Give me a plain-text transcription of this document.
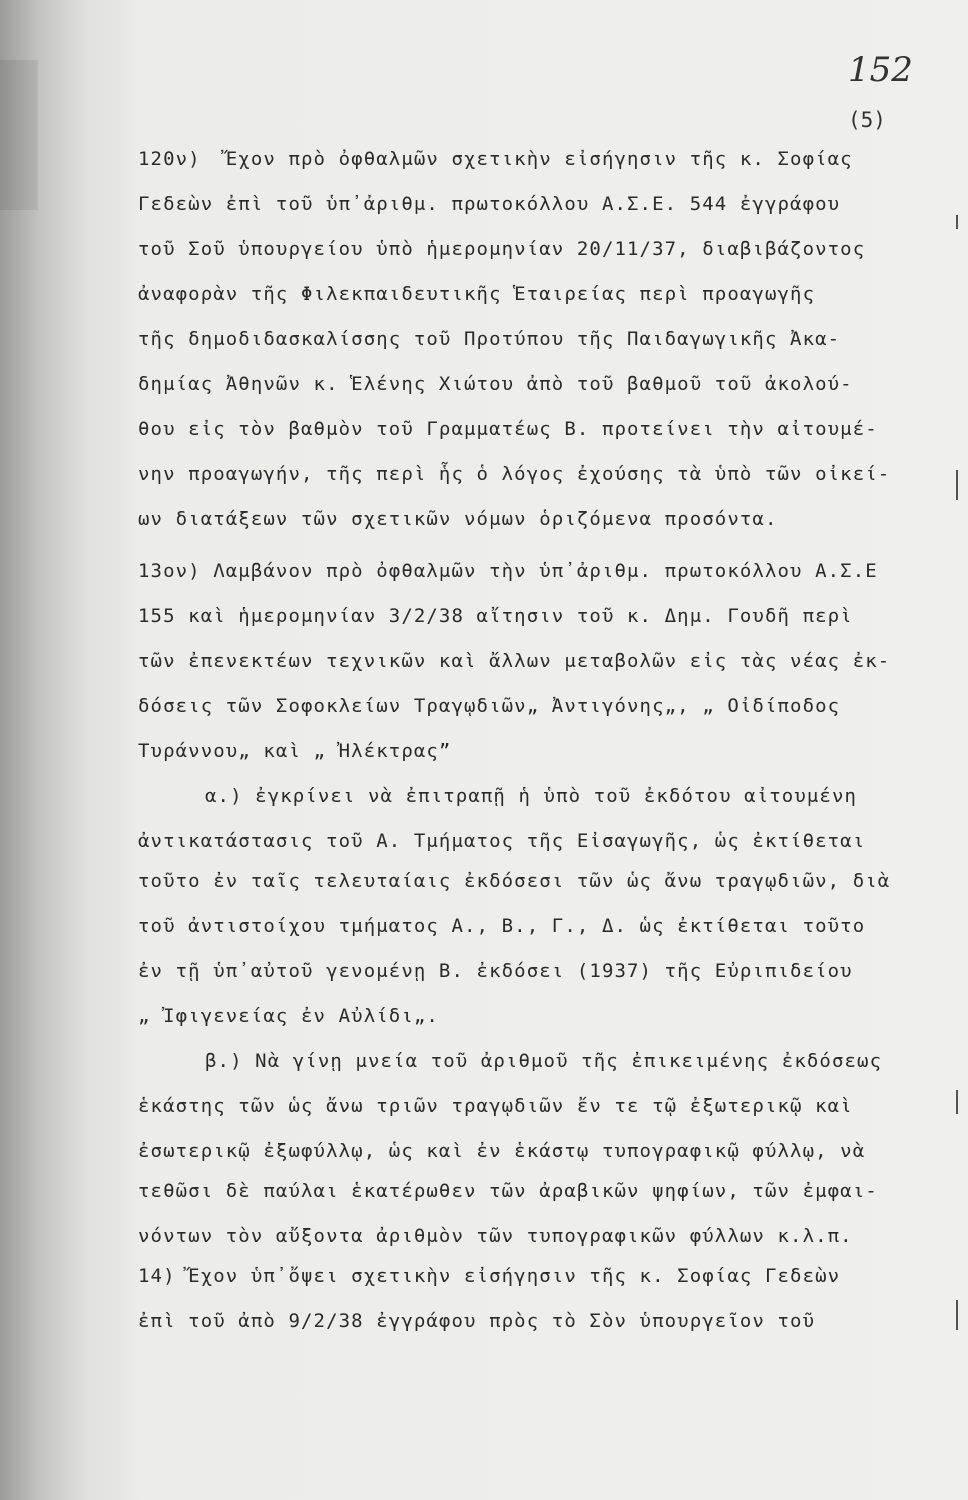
152
(5)
120ν)  Ἔχον πρὸ ὀφθαλμῶν σχετικὴν εἰσήγησιν τῆς κ. Σοφίας
Γεδεὼν ἐπὶ τοῦ ὑπ᾽ἀριθμ. πρωτοκόλλου Α.Σ.Ε. 544 ἐγγράφου
τοῦ Σοῦ ὑπουργείου ὑπὸ ἡμερομηνίαν 20/11/37, διαβιβάζοντος
ἀναφορὰν τῆς Φιλεκπαιδευτικῆς Ἑταιρείας περὶ προαγωγῆς
τῆς δημοδιδασκαλίσσης τοῦ Προτύπου τῆς Παιδαγωγικῆς Ἀκα-
δημίας Ἀθηνῶν κ. Ἑλένης Χιώτου ἀπὸ τοῦ βαθμοῦ τοῦ ἀκολού-
θου εἰς τὸν βαθμὸν τοῦ Γραμματέως Β. προτείνει τὴν αἰτουμέ-
νην προαγωγήν, τῆς περὶ ἧς ὁ λόγος ἐχούσης τὰ ὑπὸ τῶν οἰκεί-
ων διατάξεων τῶν σχετικῶν νόμων ὁριζόμενα προσόντα.
13ον) Λαμβάνον πρὸ ὀφθαλμῶν τὴν ὑπ᾽ἀριθμ. πρωτοκόλλου Α.Σ.Ε
155 καὶ ἡμερομηνίαν 3/2/38 αἴτησιν τοῦ κ. Δημ. Γουδῆ περὶ
τῶν ἐπενεκτέων τεχνικῶν καὶ ἄλλων μεταβολῶν εἰς τὰς νέας ἐκ-
δόσεις τῶν Σοφοκλείων Τραγῳδιῶν„ Ἀντιγόνης„, „ Οἰδίποδος
Τυράννου„ καὶ „ Ἠλέκτρας”
α.) ἐγκρίνει νὰ ἐπιτραπῇ ἡ ὑπὸ τοῦ ἐκδότου αἰτουμένη
ἀντικατάστασις τοῦ Α. Τμήματος τῆς Εἰσαγωγῆς, ὡς ἐκτίθεται
τοῦτο ἐν ταῖς τελευταίαις ἐκδόσεσι τῶν ὡς ἄνω τραγῳδιῶν, διὰ
τοῦ ἀντιστοίχου τμήματος Α., Β., Γ., Δ. ὡς ἐκτίθεται τοῦτο
ἐν τῇ ὑπ᾽αὐτοῦ γενομένῃ Β. ἐκδόσει (1937) τῆς Εὐριπιδείου
„ Ἰφιγενείας ἐν Αὐλίδι„.
β.) Νὰ γίνῃ μνεία τοῦ ἀριθμοῦ τῆς ἐπικειμένης ἐκδόσεως
ἑκάστης τῶν ὡς ἄνω τριῶν τραγῳδιῶν ἔν τε τῷ ἐξωτερικῷ καὶ
ἐσωτερικῷ ἐξωφύλλῳ, ὡς καὶ ἐν ἑκάστῳ τυπογραφικῷ φύλλῳ, νὰ
τεθῶσι δὲ παύλαι ἑκατέρωθεν τῶν ἀραβικῶν ψηφίων, τῶν ἐμφαι-
νόντων τὸν αὔξοντα ἀριθμὸν τῶν τυπογραφικῶν φύλλων κ.λ.π.
14) Ἔχον ὑπ᾽ὄψει σχετικὴν εἰσήγησιν τῆς κ. Σοφίας Γεδεὼν
ἐπὶ τοῦ ἀπὸ 9/2/38 ἐγγράφου πρὸς τὸ Σὸν ὑπουργεῖον τοῦ
